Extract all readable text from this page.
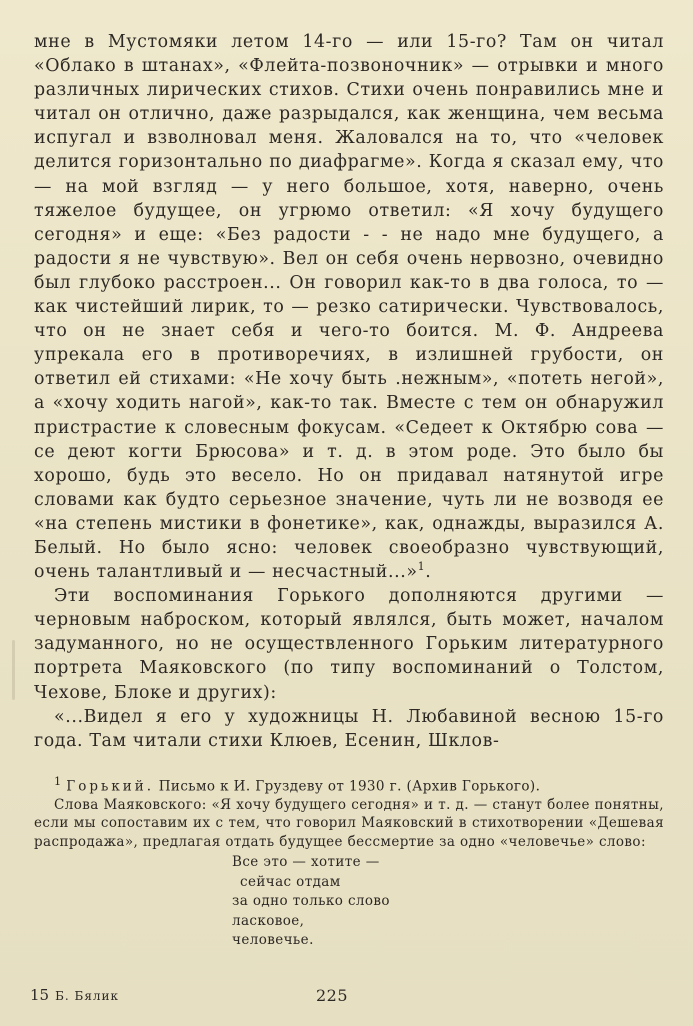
мне в Мустомяки летом 14-го — или 15-го? Там он читал «Облако в штанах», «Флейта-позвоночник» — отрывки и много различных лирических стихов. Стихи очень понравились мне и читал он отлично, даже разрыдался, как женщина, чем весьма испугал и взволновал меня. Жаловался на то, что «человек делится горизонтально по диафрагме». Когда я сказал ему, что — на мой взгляд — у него большое, хотя, наверно, очень тяжелое будущее, он угрюмо ответил: «Я хочу будущего сегодня» и еще: «Без радости - - не надо мне будущего, а радости я не чувствую». Вел он себя очень нервозно, очевидно был глубоко расстроен... Он говорил как-то в два голоса, то — как чистейший лирик, то — резко сатирически. Чувствовалось, что он не знает себя и чего-то боится. М. Ф. Андреева упрекала его в противоречиях, в излишней грубости, он ответил ей стихами: «Не хочу быть .нежным», «потеть негой», а «хочу ходить нагой», как-то так. Вместе с тем он обнаружил пристрастие к словесным фокусам. «Седеет к Октябрю сова — се деют когти Брюсова» и т. д. в этом роде. Это было бы хорошо, будь это весело. Но он придавал натянутой игре словами как будто серьезное значение, чуть ли не возводя ее «на степень мистики в фонетике», как, однажды, выразился А. Белый. Но было ясно: человек своеобразно чувствующий, очень талантливый и — несчастный...»$^1$.

Эти воспоминания Горького дополняются другими — черновым наброском, который являлся, быть может, началом задуманного, но не осуществленного Горьким литературного портрета Маяковского (по типу воспоминаний о Толстом, Чехове, Блоке и других):

«...Видел я его у художницы Н. Любавиной весною 15-го года. Там читали стихи Клюев, Есенин, Шклов-

$^1$ Горький. Письмо к И. Груздеву от 1930 г. (Архив Горького).

Слова Маяковского: «Я хочу будущего сегодня» и т. д. — станут более понятны, если мы сопоставим их с тем, что говорил Маяковский в стихотворении «Дешевая распродажа», предлагая отдать будущее бессмертие за одно «человечье» слово:

Все это — хотите —
сейчас отдам
за одно только слово
ласковое,
человечье.
15 Б. Бялик	225
